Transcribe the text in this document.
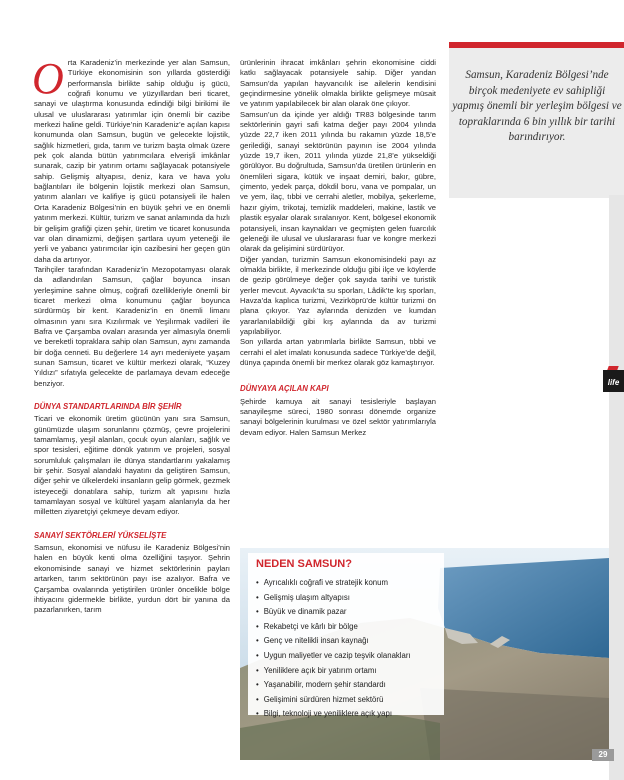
Samsun, Karadeniz Bölgesi’nde birçok medeniyete ev sahipliği yapmış önemli bir yerleşim bölgesi ve topraklarında 6 bin yıllık bir tarihi barındırıyor.
life
O rta Karadeniz’in merkezinde yer alan Samsun, Türkiye ekonomisinin son yıllarda gösterdiği performansla birlikte sahip olduğu iş gücü, coğrafi konumu ve yüzyıllardan beri ticaret, sanayi ve ulaştırma konusunda edindiği bilgi birikimi ile ulusal ve uluslararası yatırımlar için önemli bir cazibe merkezi haline geldi. Türkiye’nin Karadeniz’e açılan kapısı konumunda olan Samsun, bugün ve gelecekte lojistik, sağlık hizmetleri, gıda, tarım ve turizm başta olmak üzere pek çok alanda bütün yatırımcılara elverişli imkânlar sunarak, cazip bir yatırım ortamı sağlayacak potansiyele sahip. Gelişmiş altyapısı, deniz, kara ve hava yolu bağlantıları ile bölgenin lojistik merkezi olan Samsun, yatırım alanları ve kalifiye iş gücü potansiyeli ile halen Orta Karadeniz Bölgesi’nin en büyük şehri ve en önemli yatırım merkezi. Kültür, turizm ve sanat anlamında da hızlı bir gelişim grafiği çizen şehir, üretim ve ticaret konusunda var olan dinamizmi, değişen şartlara uyum yeteneği ile yerli ve yabancı yatırımcılar için cazibesini her geçen gün daha da artırıyor.

Tarihçiler tarafından Karadeniz’in Mezopotamyası olarak da adlandırılan Samsun, çağlar boyunca insan yerleşimine sahne olmuş, coğrafi özellikleriyle önemli bir ticaret merkezi olma konumunu çağlar boyunca sürdürmüş bir kent. Karadeniz’in en önemli limanı olmasının yanı sıra Kızılırmak ve Yeşilırmak vadileri ile Bafra ve Çarşamba ovaları arasında yer almasıyla önemli ve bereketli topraklara sahip olan Samsun, aynı zamanda bir doğa cenneti. Bu değerlere 14 ayrı medeniyete yaşam sunan Samsun, ticaret ve kültür merkezi olarak, “Kuzey Yıldızı” sıfatıyla gelecekte de parlamaya devam edeceğe benziyor.

DÜNYA STANDARTLARINDA BİR ŞEHİR

Ticari ve ekonomik üretim gücünün yanı sıra Samsun, günümüzde ulaşım sorunlarını çözmüş, çevre projelerini tamamlamış, yeşil alanları, çocuk oyun alanları, sağlık ve spor tesisleri, eğitime dönük yatırım ve projeleri, sosyal sorumluluk çalışmaları ile dünya standartlarını yakalamış bir şehir. Sosyal alandaki hayatını da geliştiren Samsun, diğer şehir ve ülkelerdeki insanların gelip görmek, gezmek isteyeceği donatılara sahip, turizm alt yapısını hızla tamamlayan sosyal ve kültürel yaşam alanlarıyla da her milletten ziyaretçiyi çekmeye devam ediyor.

SANAYİ SEKTÖRLERİ YÜKSELİŞTE

Samsun, ekonomisi ve nüfusu ile Karadeniz Bölgesi’nin halen en büyük kenti olma özelliğini taşıyor. Şehrin ekonomisinde sanayi ve hizmet sektörlerinin payları artarken, tarım sektörünün payı ise azalıyor. Bafra ve Çarşamba ovalarında yetiştirilen ürünler öncelikle bölge ihtiyacını gidermekle birlikte, yurdun dört bir yanına da pazarlanırken, tarım

ürünlerinin ihracat imkânları şehrin ekonomisine ciddi katkı sağlayacak potansiyele sahip. Diğer yandan Samsun’da yapılan hayvancılık ise ailelerin kendisini geçindirmesine yönelik olmakla birlikte gelişmeye müsait ve yatırım yapılabilecek bir alan olarak öne çıkıyor.

Samsun’un da içinde yer aldığı TR83 bölgesinde tarım sektörlerinin gayri safi katma değer payı 2004 yılında yüzde 22,7 iken 2011 yılında bu rakamın yüzde 18,5’e gerilediği, sanayi sektörünün payının ise 2004 yılında yüzde 19,7 iken, 2011 yılında yüzde 21,8’e yükseldiği görülüyor. Bu doğrultuda, Samsun’da üretilen ürünlerin en önemlileri sigara, kütük ve inşaat demiri, bakır, gübre, çimento, yedek parça, dökdil boru, vana ve pompalar, un ve yem, ilaç, tıbbi ve cerrahi aletler, mobilya, şekerleme, hazır giyim, trikotaj, temizlik maddeleri, makine, lastik ve plastik eşyalar olarak sıralanıyor. Kent, bölgesel ekonomik potansiyeli, insan kaynakları ve geçmişten gelen fuarcılık geleneği ile ulusal ve uluslararası fuar ve kongre merkezi olarak da gelişimini sürdürüyor.

Diğer yandan, turizmin Samsun ekonomisindeki payı az olmakla birlikte, il merkezinde olduğu gibi ilçe ve köylerde de gezip görülmeye değer çok sayıda tarihi ve turistik yerler mevcut. Ayvacık’ta su sporları, Lâdik’te kış sporları, Havza’da kaplıca turizmi, Vezirköprü’de kültür turizmi ön plana çıkıyor. Yaz aylarında denizden ve kumdan yararlanılabildiği gibi kış aylarında da av turizmi yapılabiliyor.

Son yıllarda artan yatırımlarla birlikte Samsun, tıbbi ve cerrahi el alet imalatı konusunda sadece Türkiye’de değil, dünya çapında önemli bir merkez olarak göz kamaştırıyor.

DÜNYAYA AÇILAN KAPI

Şehirde kamuya ait sanayi tesisleriyle başlayan sanayileşme süreci, 1980 sonrası dönemde organize sanayi bölgelerinin kurulması ve özel sektör yatırımlarıyla devam ediyor. Halen Samsun Merkez

NEDEN SAMSUN?
• Ayrıcalıklı coğrafi ve stratejik konum
• Gelişmiş ulaşım altyapısı
• Büyük ve dinamik pazar
• Rekabetçi ve kârlı bir bölge
• Genç ve nitelikli insan kaynağı
• Uygun maliyetler ve cazip teşvik olanakları
• Yeniliklere açık bir yatırım ortamı
• Yaşanabilir, modern şehir standardı
• Gelişimini sürdüren hizmet sektörü
• Bilgi, teknoloji ve yeniliklere açık yapı
29
